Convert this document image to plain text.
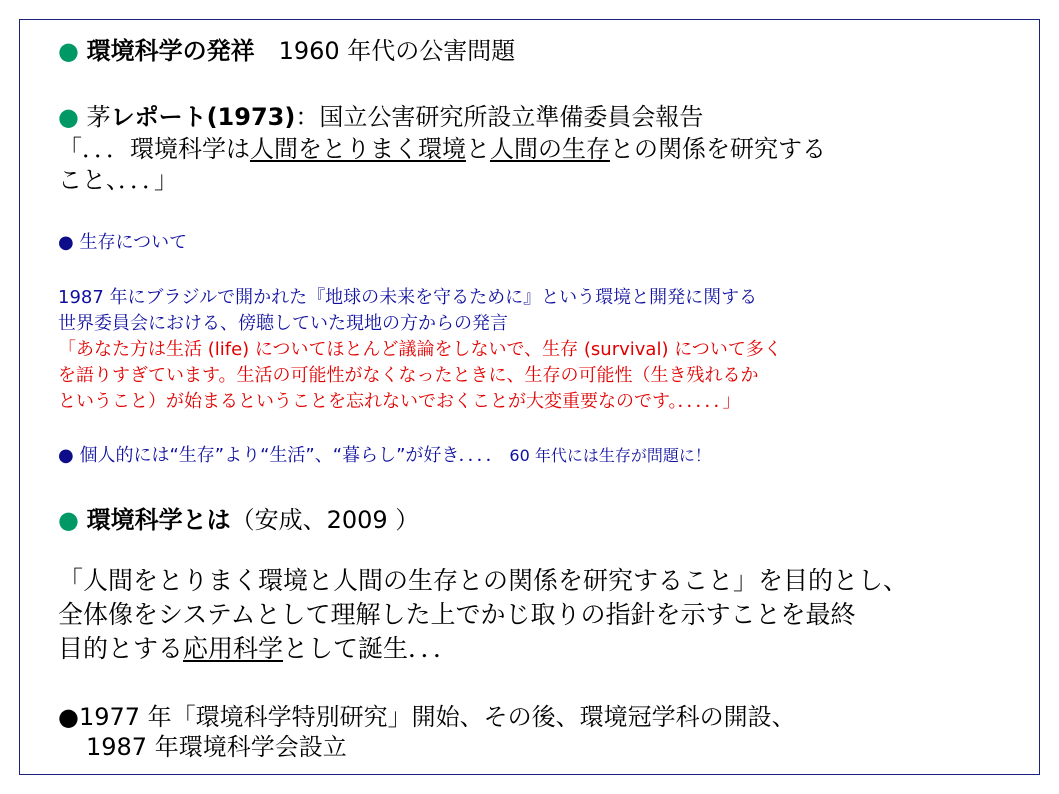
● 環境科学の発祥　1960 年代の公害問題
● 茅レポート(1973)：国立公害研究所設立準備委員会報告
「．．．環境科学は人間をとりまく環境と人間の生存との関係を研究する
こと、．．．」
● 生存について
1987 年にブラジルで開かれた『地球の未来を守るために』という環境と開発に関する
世界委員会における、傍聴していた現地の方からの発言
「あなた方は生活 (life) についてほとんど議論をしないで、生存 (survival) について多く
を語りすぎています。生活の可能性がなくなったときに、生存の可能性（生き残れるか
ということ）が始まるということを忘れないでおくことが大変重要なのです。．．．．．」
● 個人的には“生存”より“生活”、“暮らし”が好き．．．． 60 年代には生存が問題に！
● 環境科学とは（安成、2009 ）
「人間をとりまく環境と人間の生存との関係を研究すること」を目的とし、
全体像をシステムとして理解した上でかじ取りの指針を示すことを最終
目的とする応用科学として誕生．．．
●1977 年「環境科学特別研究」開始、その後、環境冠学科の開設、
1987 年環境科学会設立
